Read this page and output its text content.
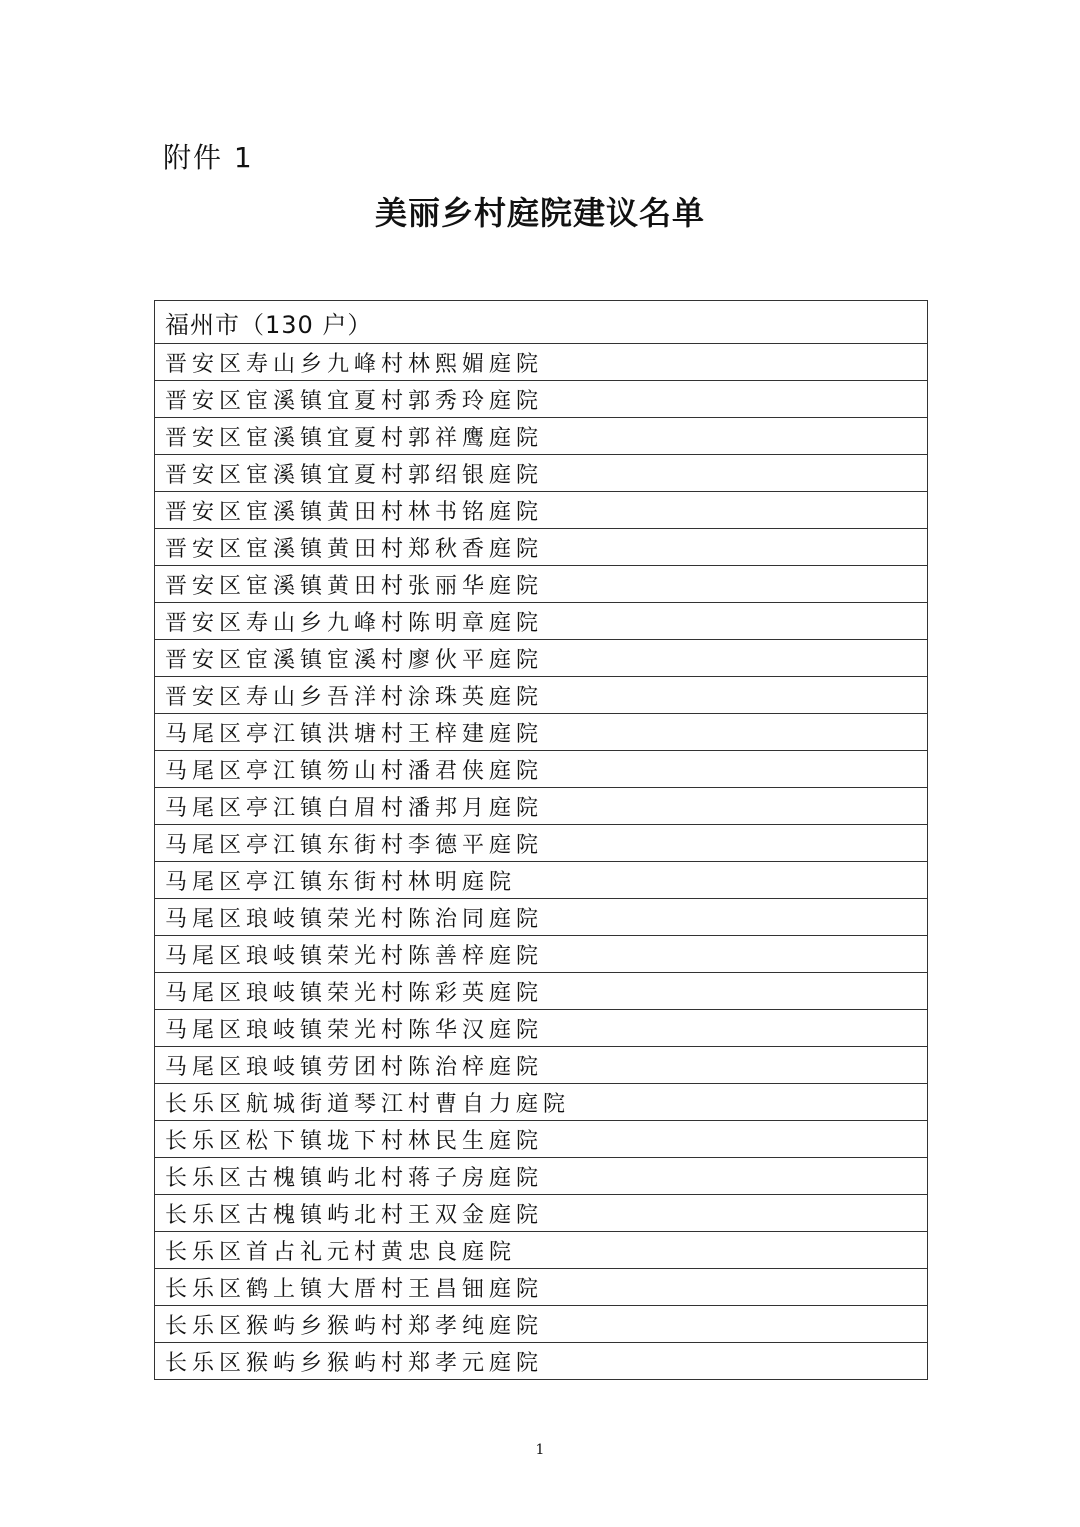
附件 1
美丽乡村庭院建议名单
福州市（130 户）
晋安区寿山乡九峰村林熙媚庭院
晋安区宦溪镇宜夏村郭秀玲庭院
晋安区宦溪镇宜夏村郭祥鹰庭院
晋安区宦溪镇宜夏村郭绍银庭院
晋安区宦溪镇黄田村林书铭庭院
晋安区宦溪镇黄田村郑秋香庭院
晋安区宦溪镇黄田村张丽华庭院
晋安区寿山乡九峰村陈明章庭院
晋安区宦溪镇宦溪村廖伙平庭院
晋安区寿山乡吾洋村涂珠英庭院
马尾区亭江镇洪塘村王梓建庭院
马尾区亭江镇笏山村潘君侠庭院
马尾区亭江镇白眉村潘邦月庭院
马尾区亭江镇东街村李德平庭院
马尾区亭江镇东街村林明庭院
马尾区琅岐镇荣光村陈治同庭院
马尾区琅岐镇荣光村陈善梓庭院
马尾区琅岐镇荣光村陈彩英庭院
马尾区琅岐镇荣光村陈华汉庭院
马尾区琅岐镇劳团村陈治梓庭院
长乐区航城街道琴江村曹自力庭院
长乐区松下镇垅下村林民生庭院
长乐区古槐镇屿北村蒋子房庭院
长乐区古槐镇屿北村王双金庭院
长乐区首占礼元村黄忠良庭院
长乐区鹤上镇大厝村王昌钿庭院
长乐区猴屿乡猴屿村郑孝纯庭院
长乐区猴屿乡猴屿村郑孝元庭院
1
